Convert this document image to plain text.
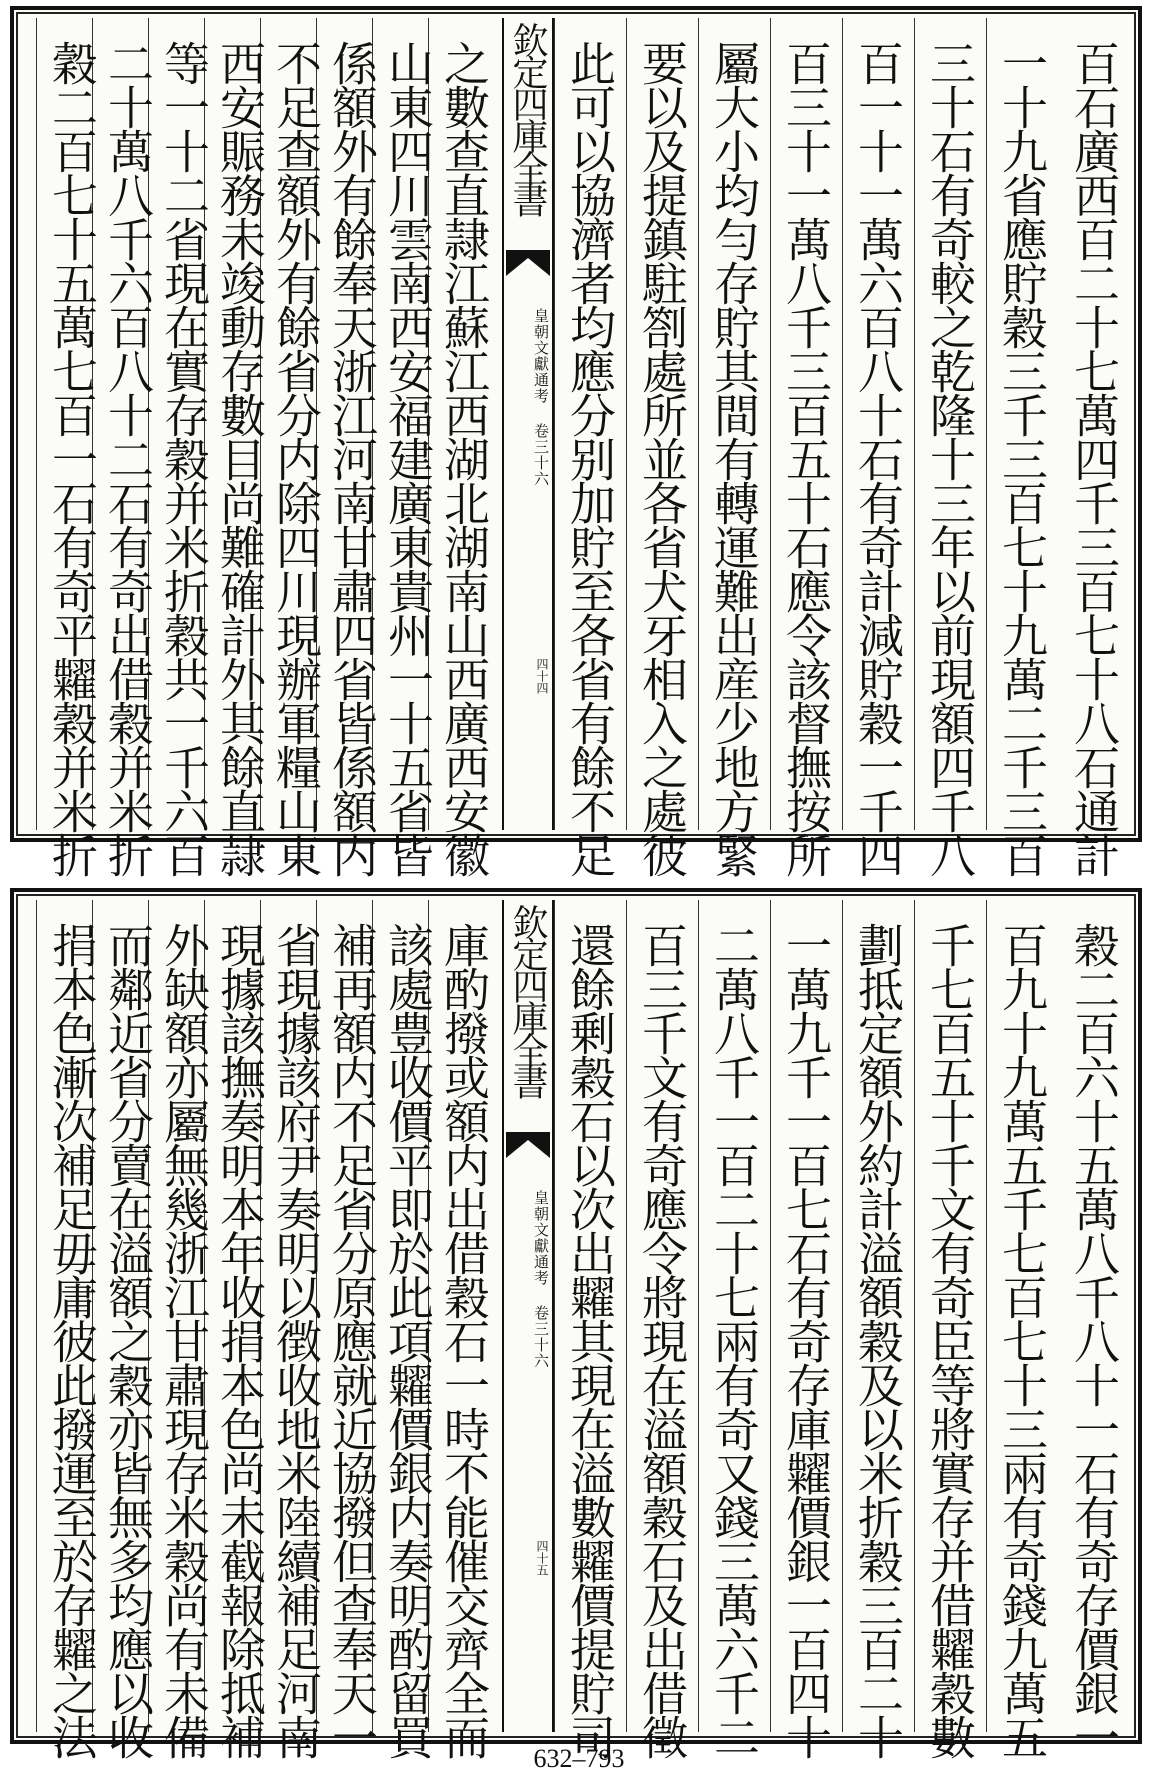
百石廣西百二十七萬四千三百七十八石通計
一十九省應貯穀三千三百七十九萬二千三百
三十石有奇較之乾隆十三年以前現額四千八
百一十一萬六百八十石有奇計減貯穀一千四
百三十一萬八千三百五十石應令該督撫按所
屬大小均勻存貯其間有轉運難出産少地方緊
要以及提鎮駐劄處所並各省犬牙相入之處彼
此可以協濟者均應分别加貯至各省有餘不足
欽定四庫全書
皇朝文獻通考 卷三十六
四十四
之數查直隷江蘇江西湖北湖南山西廣西安徽
山東四川雲南西安福建廣東貴州一十五省皆
係額外有餘奉天浙江河南甘肅四省皆係額内
不足查額外有餘省分内除四川現辦軍糧山東
西安賑務未竣動存數目尚難確計外其餘直隷
等一十二省現在實存穀并米折穀共一千六百
二十萬八千六百八十二石有奇出借穀并米折
穀二百七十五萬七百一石有奇平糶穀并米折
穀二百六十五萬八千八十一石有奇存價銀一
百九十九萬五千七百七十三兩有奇錢九萬五
千七百五十千文有奇臣等將實存并借糶穀數
劃抵定額外約計溢額穀及以米折穀三百二十
一萬九千一百七石有奇存庫糶價銀一百四十
二萬八千一百二十七兩有奇又錢三萬六千二
百三千文有奇應令將現在溢額穀石及出借徵
還餘剰穀石以次出糶其現在溢數糶價提貯司
欽定四庫全書
皇朝文獻通考 卷三十六
四十五
庫酌撥或額内出借穀石一時不能催交齊全而
該處豊收價平即於此項糶價銀内奏明酌留買
補再額内不足省分原應就近協撥但查奉天一
省現據該府尹奏明以徴收地米陸續補足河南
現據該撫奏明本年收捐本色尚未截報除抵補
外缺額亦屬無幾浙江甘肅現存米穀尚有未備
而鄰近省分賣在溢額之穀亦皆無多均應以收
捐本色漸次補足毋庸彼此撥運至於存糶之法
632–793
